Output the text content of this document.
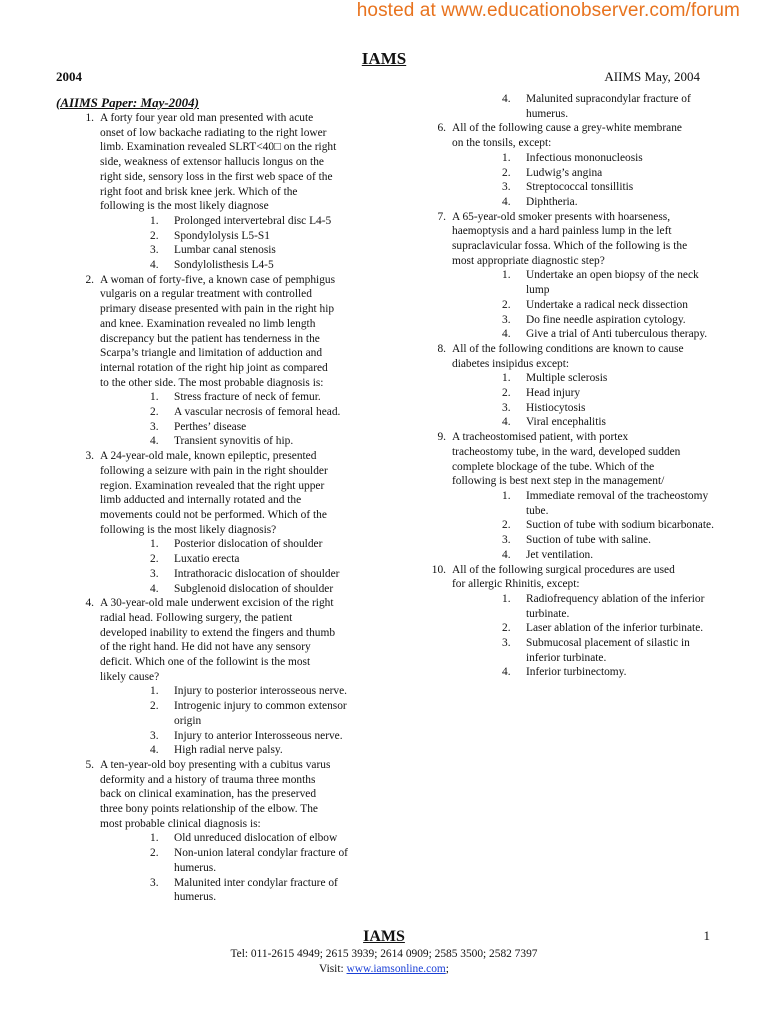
hosted at www.educationobserver.com/forum
IAMS
2004	AIIMS May, 2004
(AIIMS Paper: May-2004)
1. A forty four year old man presented with acute
onset of low backache radiating to the right lower
limb. Examination revealed SLRT<40□ on the right
side, weakness of extensor hallucis longus on the
right side, sensory loss in the first web space of the
right foot and brisk knee jerk. Which of the
following is the most likely diagnose
1.	Prolonged intervertebral disc L4-5
2.	Spondylolysis L5-S1
3.	Lumbar canal stenosis
4.	Sondylolisthesis L4-5
2. A woman of forty-five, a known case of pemphigus
vulgaris on a regular treatment with controlled
primary disease presented with pain in the right hip
and knee. Examination revealed no limb length
discrepancy but the patient has tenderness in the
Scarpa’s triangle and limitation of adduction and
internal rotation of the right hip joint as compared
to the other side. The most probable diagnosis is:
1.	Stress fracture of neck of femur.
2.	A vascular necrosis of femoral head.
3.	Perthes’ disease
4.	Transient synovitis of hip.
3. A 24-year-old male, known epileptic, presented
following a seizure with pain in the right shoulder
region. Examination revealed that the right upper
limb adducted and internally rotated and the
movements could not be performed. Which of the
following is the most likely diagnosis?
1.	Posterior dislocation of shoulder
2.	Luxatio erecta
3.	Intrathoracic dislocation of shoulder
4.	Subglenoid dislocation of shoulder
4. A 30-year-old male underwent excision of the right
radial head. Following surgery, the patient
developed inability to extend the fingers and thumb
of the right hand. He did not have any sensory
deficit. Which one of the followint is the most
likely cause?
1.	Injury to posterior interosseous nerve.
2.	Introgenic injury to common extensor
origin
3.	Injury to anterior Interosseous nerve.
4.	High radial nerve palsy.
5. A ten-year-old boy presenting with a cubitus varus
deformity and a history of trauma three months
back on clinical examination, has the preserved
three bony points relationship of the elbow. The
most probable clinical diagnosis is:
1.	Old unreduced dislocation of elbow
2.	Non-union lateral condylar fracture of
humerus.
3.	Malunited inter condylar fracture of
humerus.
4.	Malunited supracondylar fracture of
humerus.
6. All of the following cause a grey-white membrane
on the tonsils, except:
1.	Infectious mononucleosis
2.	Ludwig’s angina
3.	Streptococcal tonsillitis
4.	Diphtheria.
7. A 65-year-old smoker presents with hoarseness,
haemoptysis and a hard painless lump in the left
supraclavicular fossa. Which of the following is the
most appropriate diagnostic step?
1.	Undertake an open biopsy of the neck
lump
2.	Undertake a radical neck dissection
3.	Do fine needle aspiration cytology.
4.	Give a trial of Anti tuberculous therapy.
8. All of the following conditions are known to cause
diabetes insipidus except:
1.	Multiple sclerosis
2.	Head injury
3.	Histiocytosis
4.	Viral encephalitis
9. A tracheostomised patient, with portex
tracheostomy tube, in the ward, developed sudden
complete blockage of the tube. Which of the
following is best next step in the management/
1.	Immediate removal of the tracheostomy
tube.
2.	Suction of tube with sodium bicarbonate.
3.	Suction of tube with saline.
4.	Jet ventilation.
10. All of the following surgical procedures are used
for allergic Rhinitis, except:
1.	Radiofrequency ablation of the inferior
turbinate.
2.	Laser ablation of the inferior turbinate.
3.	Submucosal placement of silastic in
inferior turbinate.
4.	Inferior turbinectomy.
IAMS	1
Tel: 011-2615 4949; 2615 3939; 2614 0909; 2585 3500; 2582 7397
Visit: www.iamsonline.com;
